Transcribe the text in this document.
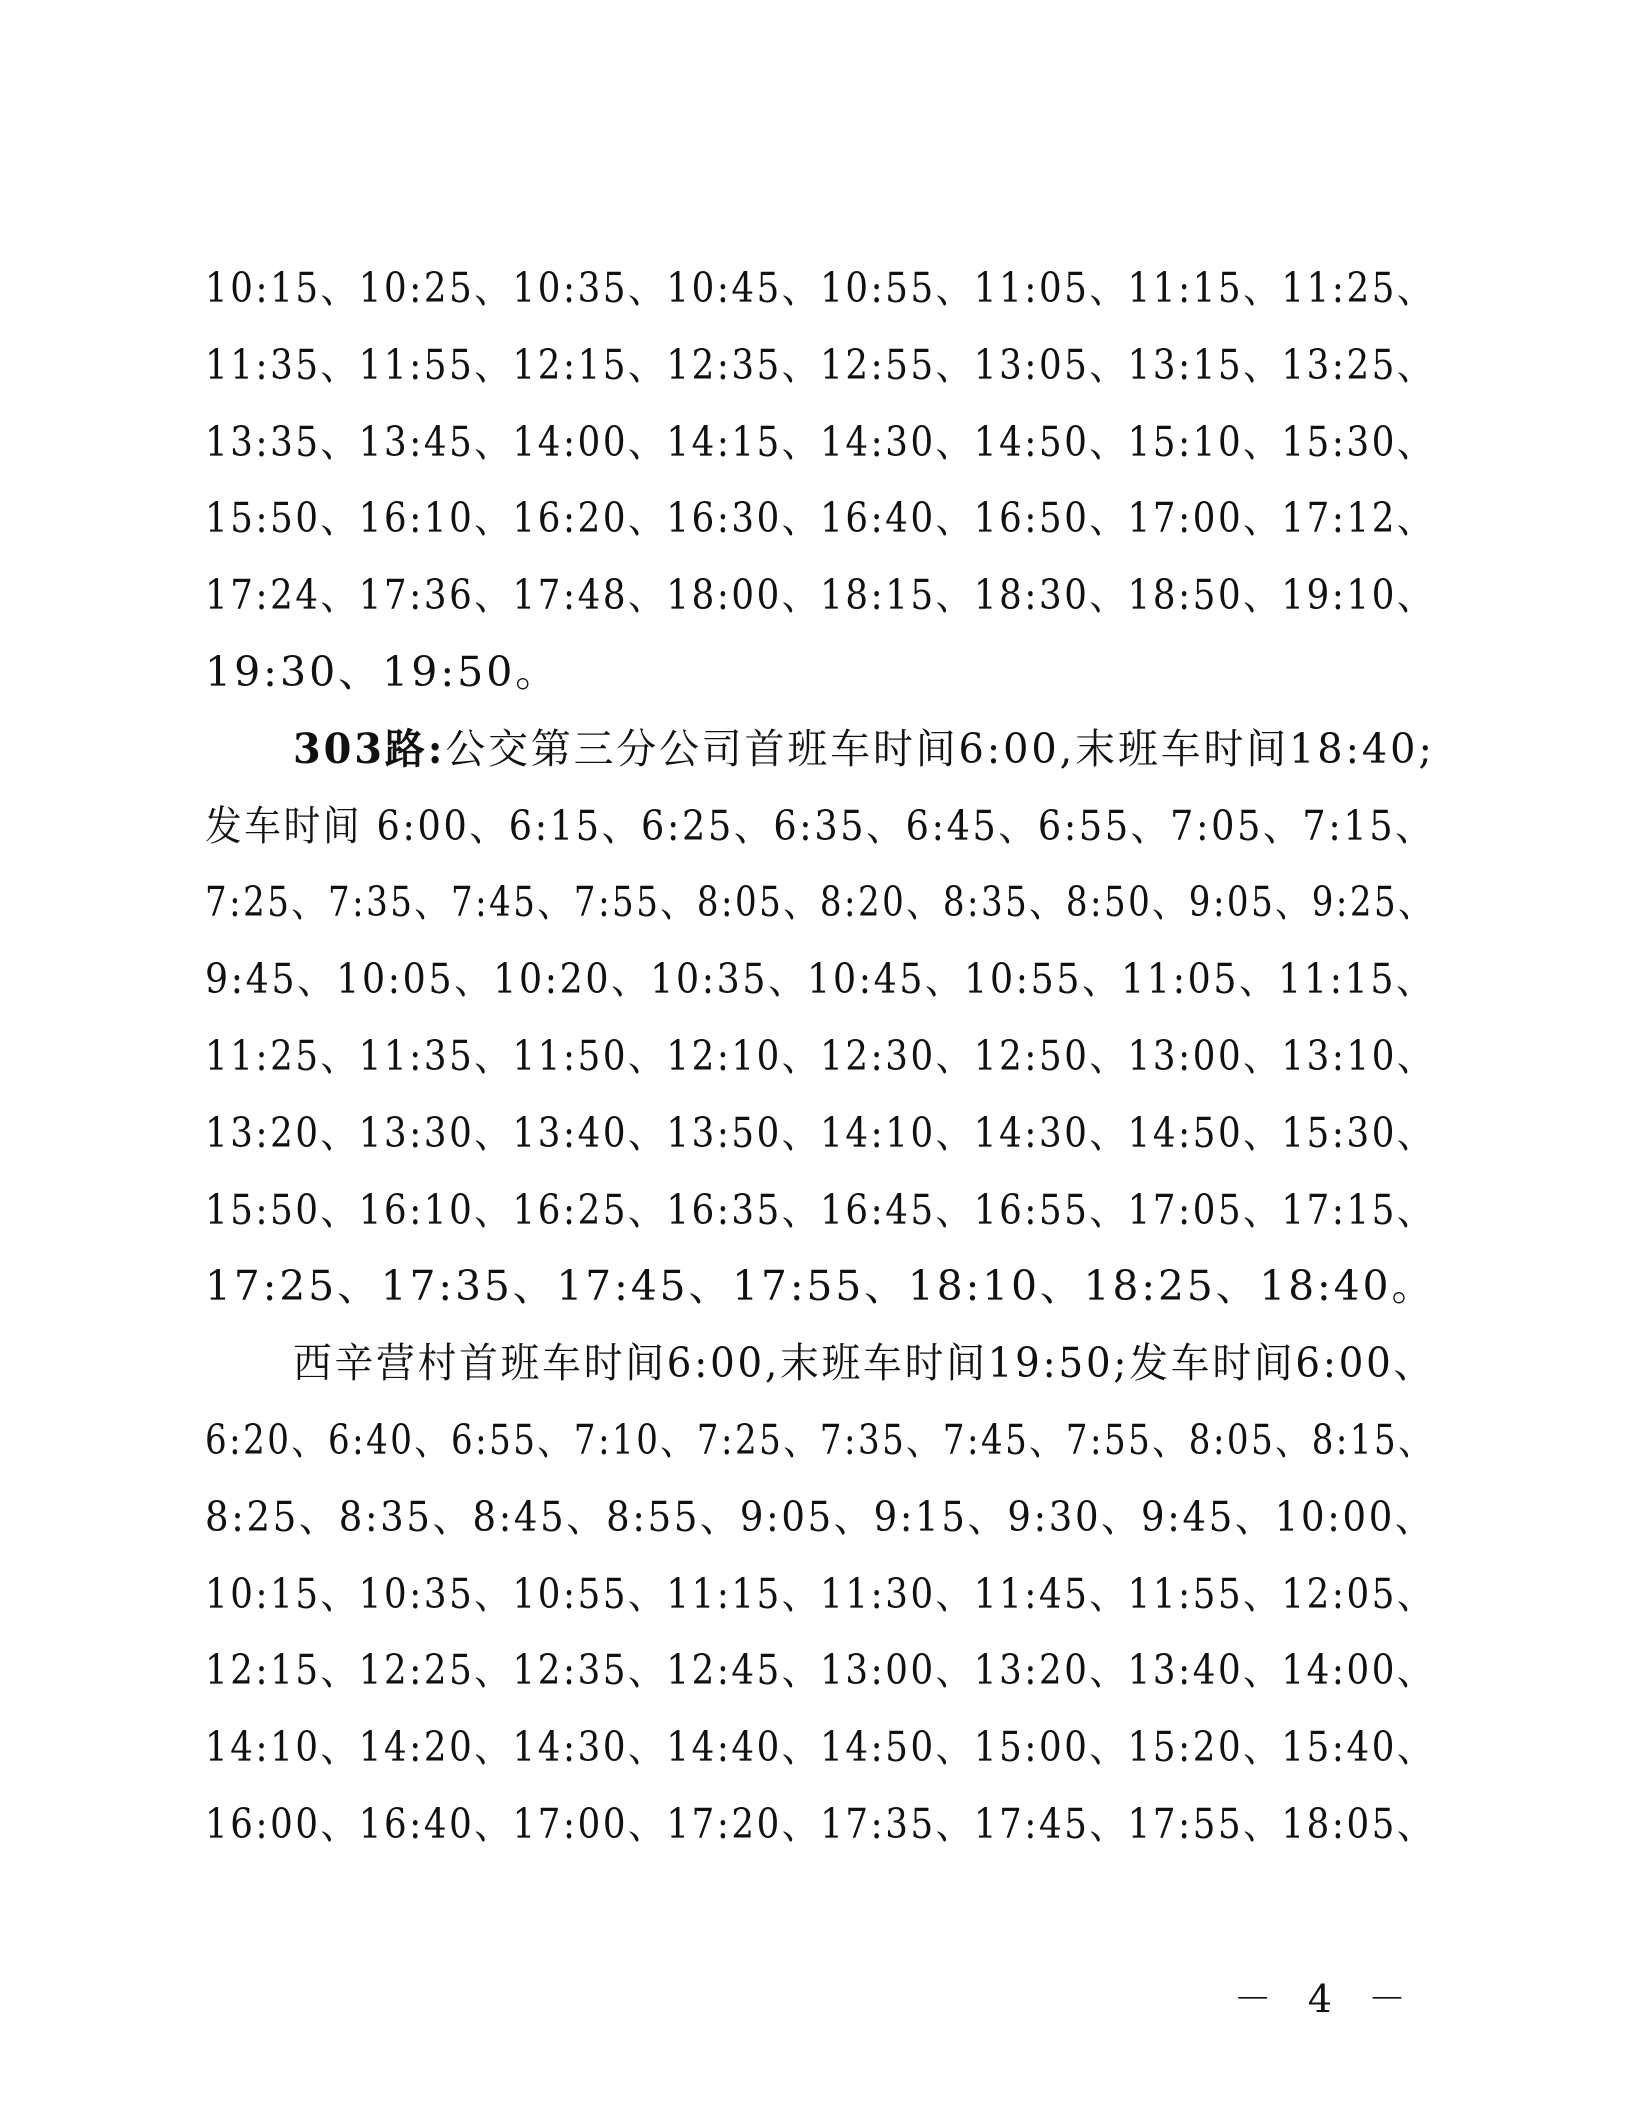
10:15、10:25、10:35、10:45、10:55、11:05、11:15、11:25、
11:35、11:55、12:15、12:35、12:55、13:05、13:15、13:25、
13:35、13:45、14:00、14:15、14:30、14:50、15:10、15:30、
15:50、16:10、16:20、16:30、16:40、16:50、17:00、17:12、
17:24、17:36、17:48、18:00、18:15、18:30、18:50、19:10、
19:30、19:50。
303路:公交第三分公司首班车时间6:00,末班车时间18:40;
发车时间 6:00、6:15、6:25、6:35、6:45、6:55、7:05、7:15、
7:25、7:35、7:45、7:55、8:05、8:20、8:35、8:50、9:05、9:25、
9:45、10:05、10:20、10:35、10:45、10:55、11:05、11:15、
11:25、11:35、11:50、12:10、12:30、12:50、13:00、13:10、
13:20、13:30、13:40、13:50、14:10、14:30、14:50、15:30、
15:50、16:10、16:25、16:35、16:45、16:55、17:05、17:15、
17:25、17:35、17:45、17:55、18:10、18:25、18:40。
西辛营村首班车时间6:00,末班车时间19:50;发车时间6:00、
6:20、6:40、6:55、7:10、7:25、7:35、7:45、7:55、8:05、8:15、
8:25、8:35、8:45、8:55、9:05、9:15、9:30、9:45、10:00、
10:15、10:35、10:55、11:15、11:30、11:45、11:55、12:05、
12:15、12:25、12:35、12:45、13:00、13:20、13:40、14:00、
14:10、14:20、14:30、14:40、14:50、15:00、15:20、15:40、
16:00、16:40、17:00、17:20、17:35、17:45、17:55、18:05、
－ 4 －
